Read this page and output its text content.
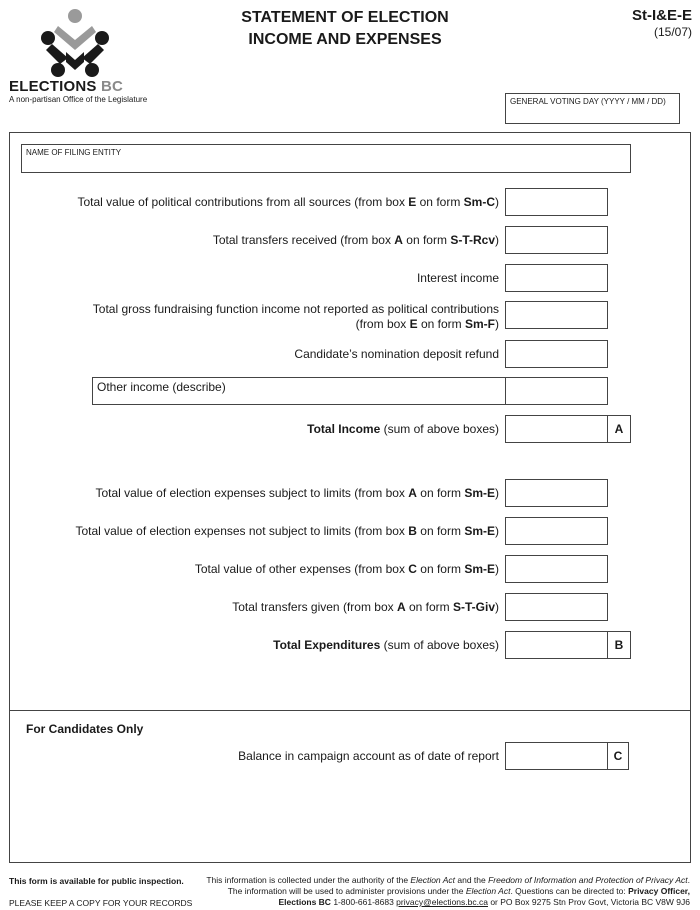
ELECTIONS BC
A non-partisan Office of the Legislature
STATEMENT OF ELECTION
INCOME AND EXPENSES
St-I&E-E
(15/07)
GENERAL VOTING DAY (YYYY / MM / DD)
NAME OF FILING ENTITY
Total value of political contributions from all sources (from box E on form Sm-C)
Total transfers received (from box A on form S-T-Rcv)
Interest income
Total gross fundraising function income not reported as political contributions
(from box E on form Sm-F)
Candidate’s nomination deposit refund
Other income (describe)
Total Income (sum of above boxes)	A
Total value of election expenses subject to limits (from box A on form Sm-E)
Total value of election expenses not subject to limits (from box B on form Sm-E)
Total value of other expenses (from box C on form Sm-E)
Total transfers given (from box A on form S-T-Giv)
Total Expenditures (sum of above boxes)	B
For Candidates Only
Balance in campaign account as of date of report	C
This form is available for public inspection.
PLEASE KEEP A COPY FOR YOUR RECORDS
This information is collected under the authority of the Election Act and the Freedom of Information and Protection of Privacy Act.
The information will be used to administer provisions under the Election Act. Questions can be directed to: Privacy Officer,
Elections BC 1-800-661-8683 privacy@elections.bc.ca or PO Box 9275 Stn Prov Govt, Victoria BC V8W 9J6
